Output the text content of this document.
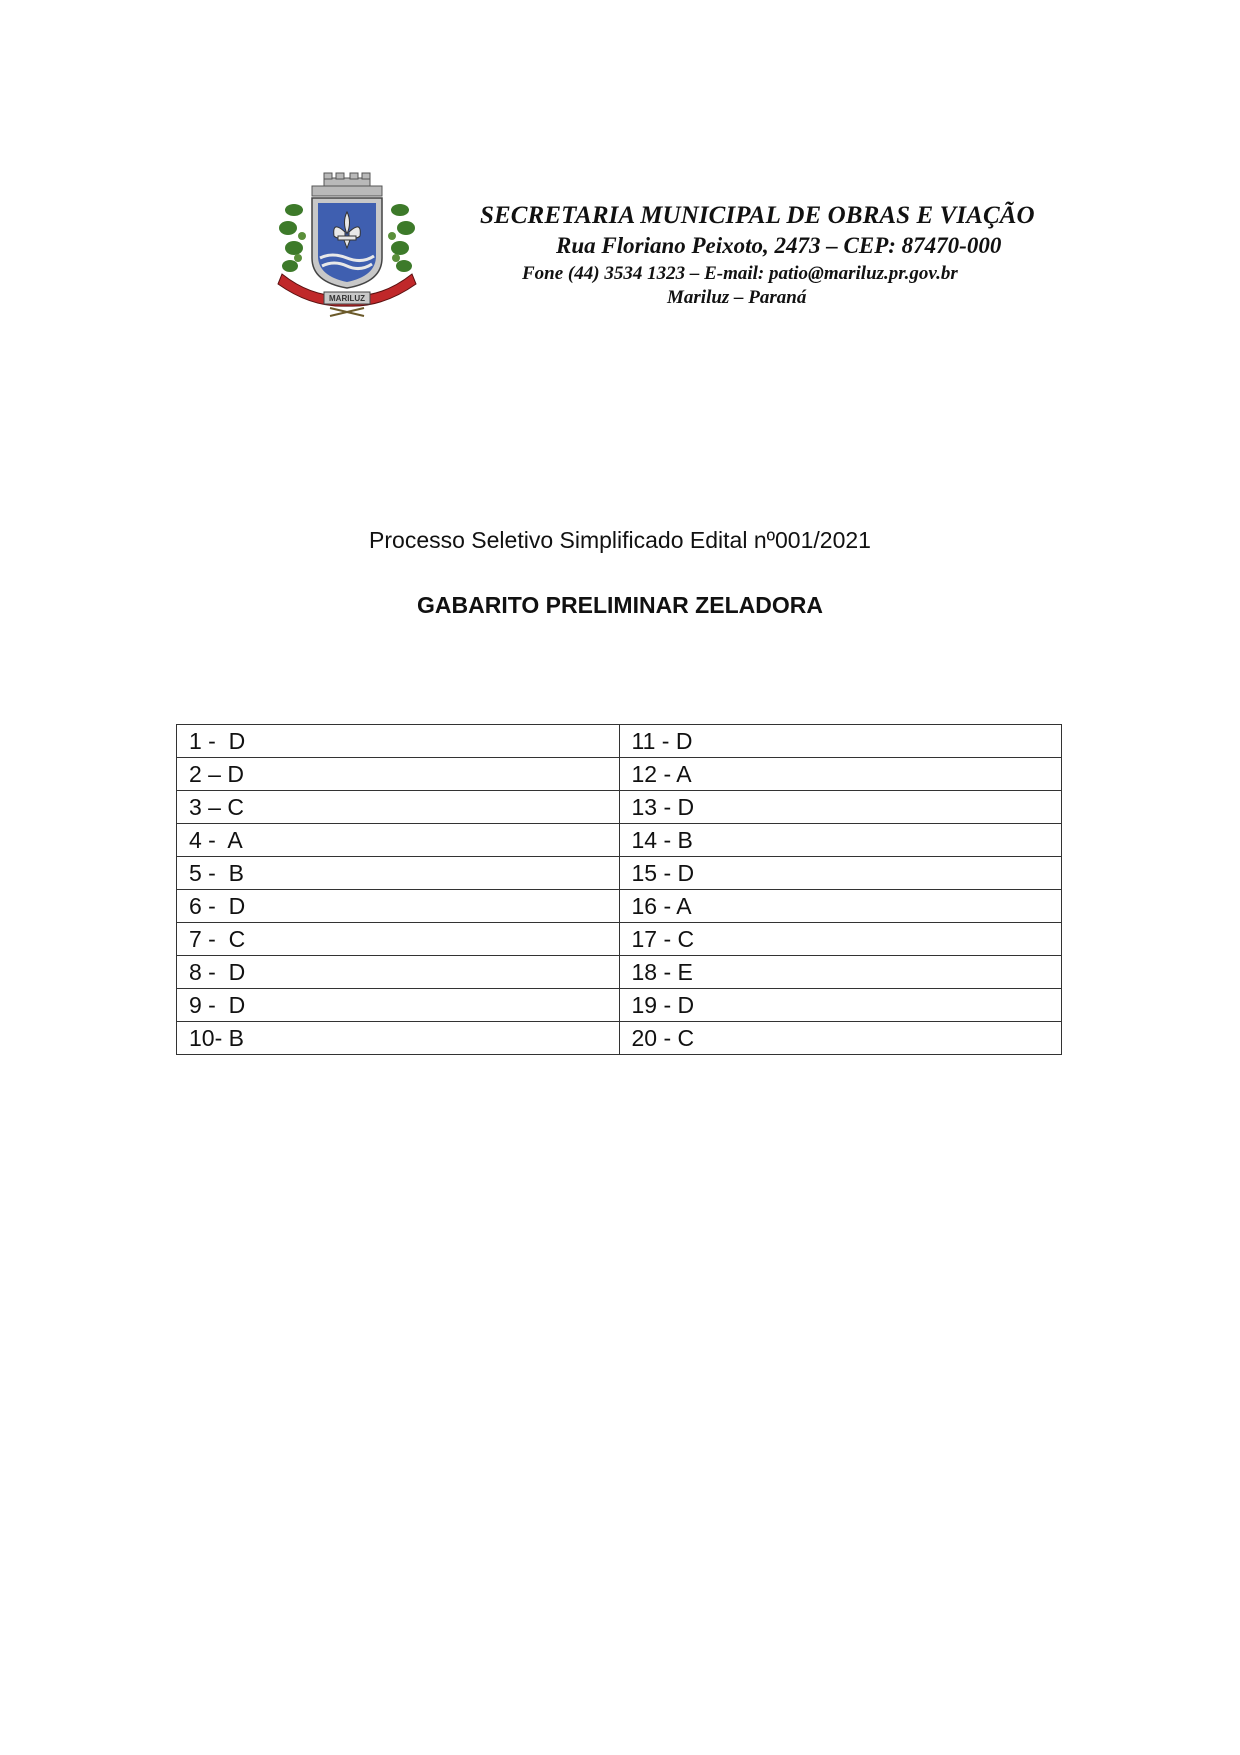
MARILUZ
SECRETARIA MUNICIPAL DE OBRAS E VIAÇÃO
Rua Floriano Peixoto, 2473 – CEP: 87470-000
Fone (44) 3534 1323 – E-mail: patio@mariluz.pr.gov.br
Mariluz – Paraná
Processo Seletivo Simplificado Edital nº001/2021
GABARITO PRELIMINAR ZELADORA
1 -  D	11 - D
2 – D	12 - A
3 – C	13 - D
4 -  A	14 - B
5 -  B	15 - D
6 -  D	16 - A
7 -  C	17 - C
8 -  D	18 - E
9 -  D	19 - D
10- B	20 - C
